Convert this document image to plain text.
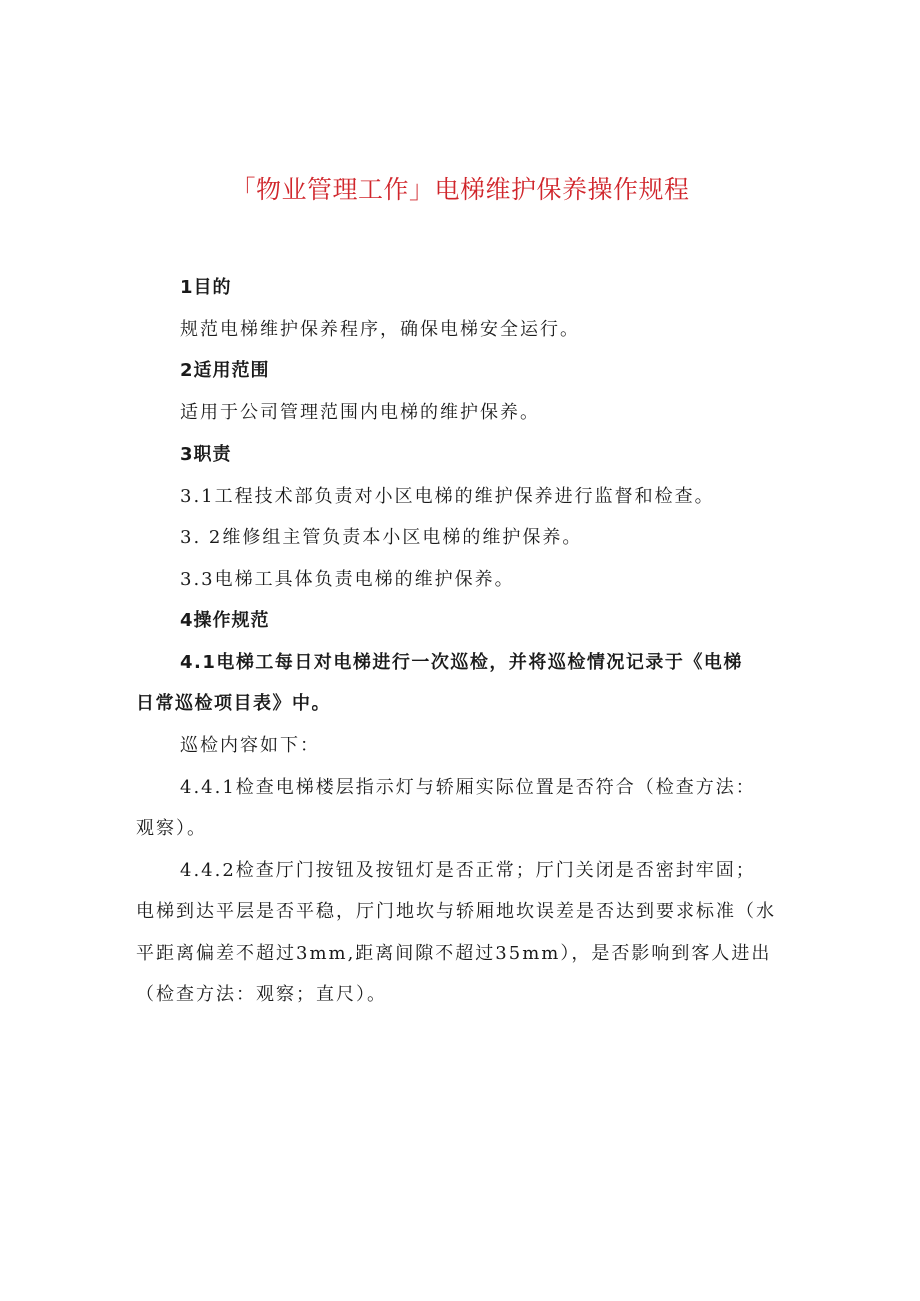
「物业管理工作」电梯维护保养操作规程
1目的
规范电梯维护保养程序，确保电梯安全运行。
2适用范围
适用于公司管理范围内电梯的维护保养。
3职责
3.1工程技术部负责对小区电梯的维护保养进行监督和检查。
3. 2维修组主管负责本小区电梯的维护保养。
3.3电梯工具体负责电梯的维护保养。
4操作规范
4.1电梯工每日对电梯进行一次巡检，并将巡检情况记录于《电梯
日常巡检项目表》中。
巡检内容如下：
4.4.1检查电梯楼层指示灯与轿厢实际位置是否符合（检查方法：
观察）。
4.4.2检查厅门按钮及按钮灯是否正常；厅门关闭是否密封牢固；
电梯到达平层是否平稳，厅门地坎与轿厢地坎误差是否达到要求标准（水
平距离偏差不超过3mm,距离间隙不超过35mm），是否影响到客人进出
（检查方法：观察；直尺）。
